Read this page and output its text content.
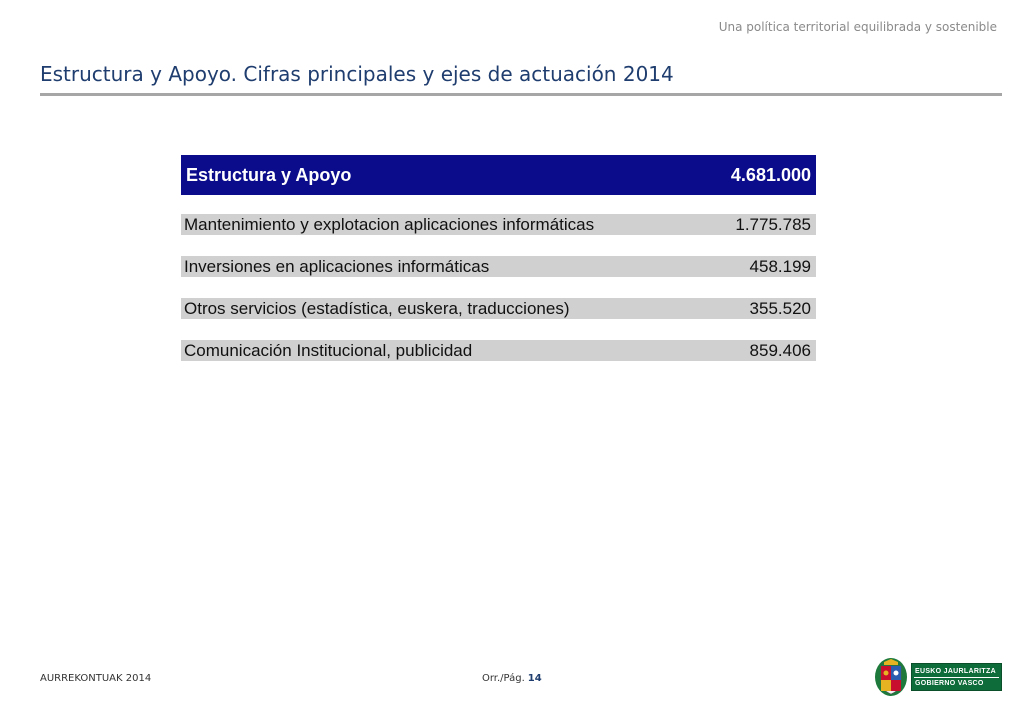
Una política territorial equilibrada y sostenible
Estructura y Apoyo. Cifras principales y ejes de actuación 2014
Estructura y Apoyo	4.681.000
Mantenimiento y explotacion aplicaciones informáticas	1.775.785
Inversiones en aplicaciones informáticas	458.199
Otros servicios (estadística, euskera, traducciones)	355.520
Comunicación Institucional, publicidad	859.406
AURREKONTUAK 2014	Orr./Pág. 14
EUSKO JAURLARITZA
GOBIERNO VASCO
